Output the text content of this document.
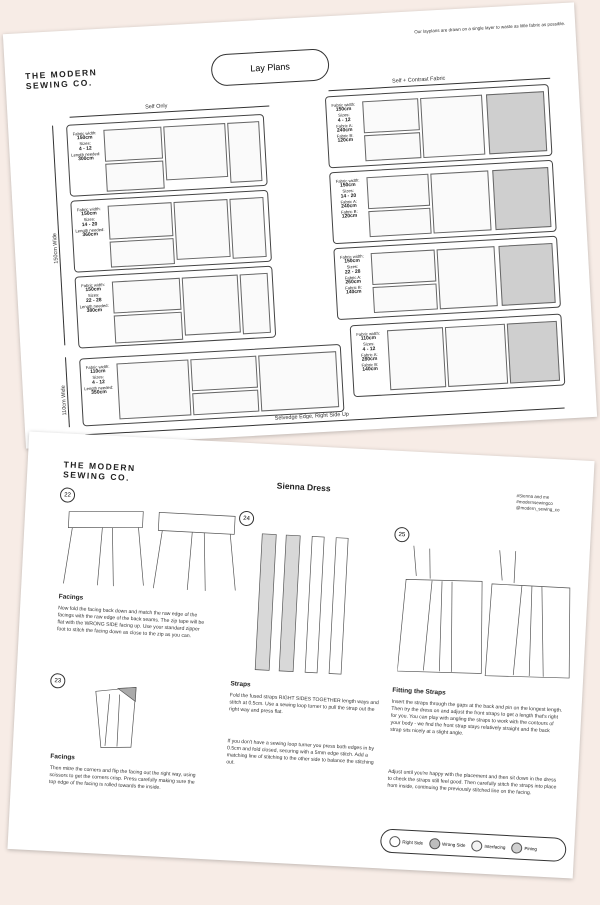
THE MODERN
SEWING CO.
Lay Plans
Our layplans are drawn on a single layer to waste as little fabric as possible.
Self Only
Self + Contrast Fabric
150cm Wide
110cm Wide
Fabric width:
150cm
Sizes:
4 - 12
Length needed:
300cm
Fabric width:
150cm
Sizes:
14 - 20
Length needed:
360cm
Fabric width:
150cm
Sizes:
22 - 28
Length needed:
380cm
Fabric width:
110cm
Sizes:
4 - 12
Length needed:
350cm
Fabric width:
150cm
Sizes:
4 - 12
Fabric A:
240cm
Fabric B:
120cm
Fabric width:
150cm
Sizes:
14 - 20
Fabric A:
240cm
Fabric B:
120cm
Fabric width:
150cm
Sizes:
22 - 28
Fabric A:
260cm
Fabric B:
140cm
Fabric width:
110cm
Sizes:
4 - 12
Fabric A:
280cm
Fabric B:
140cm
Selvedge Edge, Right Side Up
THE MODERN
SEWING CO.
Sienna Dress
#Sienna and me
#modernsewingco
@modern_sewing_co
22
Facings
Now fold the facing back down and match the raw edge of the facings with the raw edge of the back seams. The zip tape will be flat with the WRONG SIDE facing up. Use your standard zipper foot to stitch the facing down as close to the zip as you can.
23
Facings
Then mitre the corners and flip the facing out the right way, using scissors to get the corners crisp. Press carefully making sure the top edge of the facing is rolled towards the inside.
24
Straps
Fold the fused straps RIGHT SIDES TOGETHER length ways and stitch at 0.5cm. Use a sewing loop turner to pull the strap out the right way and press flat.
If you don't have a sewing loop turner you press both edges in by 0.5cm and fold closed, securing with a 5mm edge stitch. Add a matching line of stitching to the other side to balance the stitching out.
25
Fitting the Straps
Insert the straps through the gaps at the back and pin on the longest length. Then try the dress on and adjust the front straps to get a length that's right for you. You can play with angling the straps to work with the contours of your body - we find the front strap stays relatively straight and the back strap sits nicely at a slight angle.
Adjust until you're happy with the placement and then sit down in the dress to check the straps still feel good. Then carefully stitch the straps into place from inside, continuing the previously stitched line on the facing.
Right Side	Wrong Side	Interfacing	Pining
